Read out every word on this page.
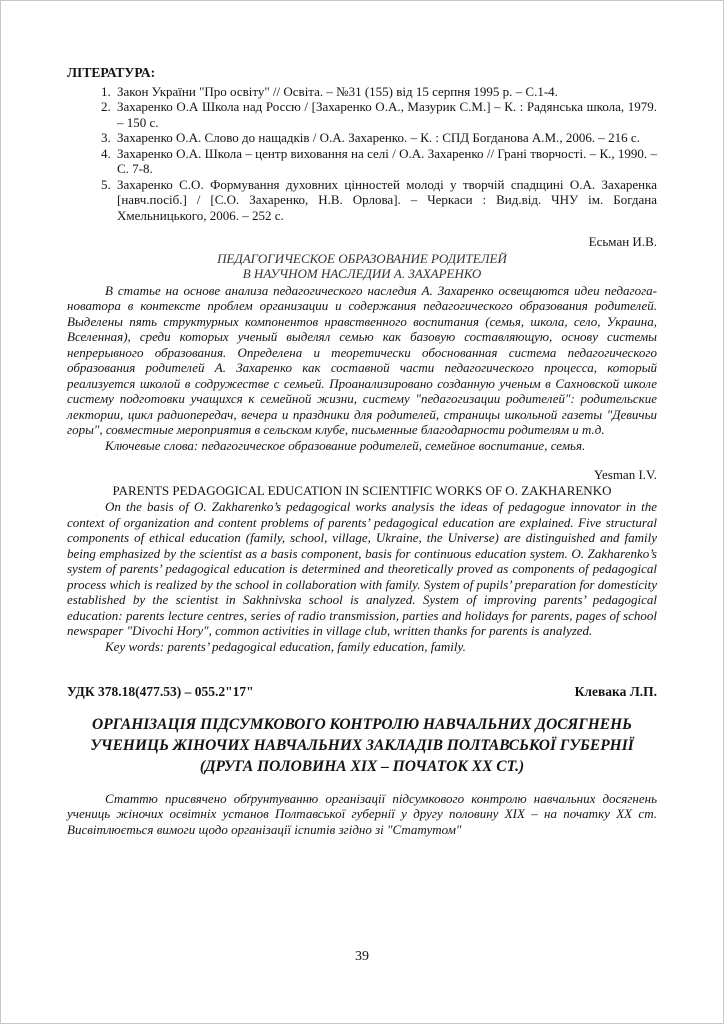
ЛІТЕРАТУРА:
1. Закон України "Про освіту" // Освіта. – №31 (155) від 15 серпня 1995 р. – С.1-4.
2. Захаренко О.А Школа над Россю / [Захаренко О.А., Мазурик С.М.] – К. : Радянська школа, 1979. – 150 с.
3. Захаренко О.А. Слово до нащадків / О.А. Захаренко. – К. : СПД Богданова А.М., 2006. – 216 с.
4. Захаренко О.А. Школа – центр виховання на селі / О.А. Захаренко // Грані творчості. – К., 1990. – С. 7-8.
5. Захаренко С.О. Формування духовних цінностей молоді у творчій спадщині О.А. Захаренка [навч.посіб.] / [С.О. Захаренко, Н.В. Орлова]. – Черкаси : Вид.від. ЧНУ ім. Богдана Хмельницького, 2006. – 252 с.
Есьман И.В.
ПЕДАГОГИЧЕСКОЕ ОБРАЗОВАНИЕ РОДИТЕЛЕЙ
В НАУЧНОМ НАСЛЕДИИ А. ЗАХАРЕНКО

В статье на основе анализа педагогического наследия А. Захаренко освещаются идеи педагога-новатора в контексте проблем организации и содержания педагогического образования родителей. Выделены пять структурных компонентов нравственного воспитания (семья, школа, село, Украина, Вселенная), среди которых ученый выделял семью как базовую составляющую, основу системы непрерывного образования. Определена и теоретически обоснованная система педагогического образования родителей А. Захаренко как составной части педагогического процесса, который реализуется школой в содружестве с семьей. Проанализировано созданную ученым в Сахновской школе систему подготовки учащихся к семейной жизни, систему "педагогизации родителей": родительские лектории, цикл радиопередач, вечера и праздники для родителей, страницы школьной газеты "Девичьи горы", совместные мероприятия в сельском клубе, письменные благодарности родителям и т.д.

Ключевые слова: педагогическое образование родителей, семейное воспитание, семья.

Yesman I.V.
PARENTS PEDAGOGICAL EDUCATION IN SCIENTIFIC WORKS OF O. ZAKHARENKO

On the basis of O. Zakharenko’s pedagogical works analysis the ideas of pedagogue innovator in the context of organization and content problems of parents’ pedagogical education are explained. Five structural components of ethical education (family, school, village, Ukraine, the Universe) are distinguished and family being emphasized by the scientist as a basis component, basis for continuous education system. O. Zakharenko’s system of parents’ pedagogical education is determined and theoretically proved as components of pedagogical process which is realized by the school in collaboration with family. System of pupils’ preparation for domesticity established by the scientist in Sakhnivska school is analyzed. System of improving parents’ pedagogical education: parents lecture centres, series of radio transmission, parties and holidays for parents, pages of school newspaper "Divochi Hory", common activities in village club, written thanks for parents is analyzed.

Key words: parents’ pedagogical education, family education, family.

УДК 378.18(477.53) – 055.2"17"	Клевака Л.П.
ОРГАНІЗАЦІЯ ПІДСУМКОВОГО КОНТРОЛЮ НАВЧАЛЬНИХ ДОСЯГНЕНЬ УЧЕНИЦЬ ЖІНОЧИХ НАВЧАЛЬНИХ ЗАКЛАДІВ ПОЛТАВСЬКОЇ ГУБЕРНІЇ (ДРУГА ПОЛОВИНА XIX – ПОЧАТОК XX СТ.)

Статтю присвячено обґрунтуванню організації підсумкового контролю навчальних досягнень учениць жіночих освітніх установ Полтавської губернії у другу половину XIX – на початку XX ст. Висвітлюється вимоги щодо організації іспитів згідно зі "Статутом"

39
